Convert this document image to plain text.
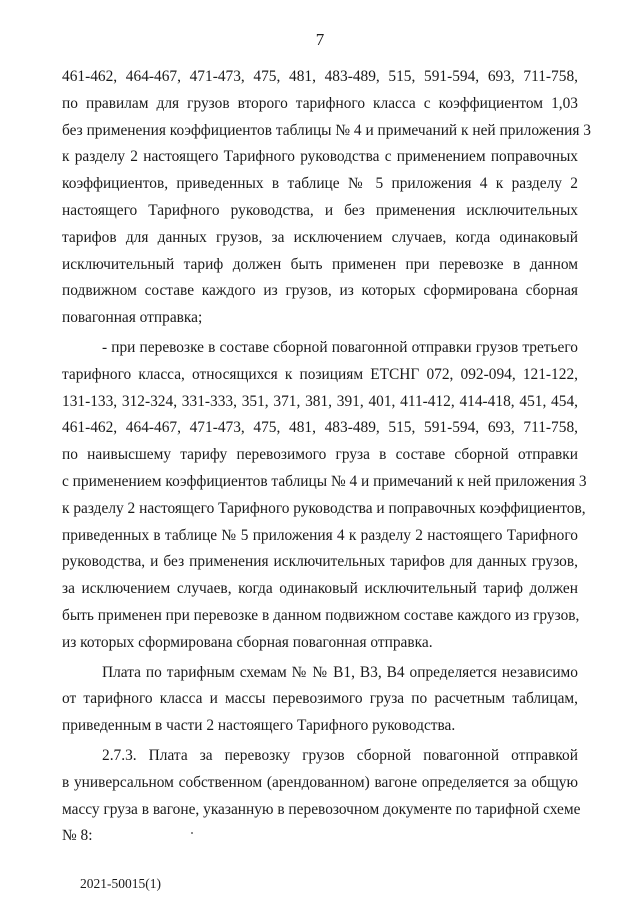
7
461-462, 464-467, 471-473, 475, 481, 483-489, 515, 591-594, 693, 711-758,
по правилам для грузов второго тарифного класса с коэффициентом 1,03
без применения коэффициентов таблицы № 4 и примечаний к ней приложения 3
к разделу 2 настоящего Тарифного руководства с применением поправочных
коэффициентов, приведенных в таблице № 5 приложения 4 к разделу 2
настоящего Тарифного руководства, и без применения исключительных
тарифов для данных грузов, за исключением случаев, когда одинаковый
исключительный тариф должен быть применен при перевозке в данном
подвижном составе каждого из грузов, из которых сформирована сборная
повагонная отправка;
- при перевозке в составе сборной повагонной отправки грузов третьего
тарифного класса, относящихся к позициям ЕТСНГ 072, 092-094, 121-122,
131-133, 312-324, 331-333, 351, 371, 381, 391, 401, 411-412, 414-418, 451, 454,
461-462, 464-467, 471-473, 475, 481, 483-489, 515, 591-594, 693, 711-758,
по наивысшему тарифу перевозимого груза в составе сборной отправки
с применением коэффициентов таблицы № 4 и примечаний к ней приложения 3
к разделу 2 настоящего Тарифного руководства и поправочных коэффициентов,
приведенных в таблице № 5 приложения 4 к разделу 2 настоящего Тарифного
руководства, и без применения исключительных тарифов для данных грузов,
за исключением случаев, когда одинаковый исключительный тариф должен
быть применен при перевозке в данном подвижном составе каждого из грузов,
из которых сформирована сборная повагонная отправка.
Плата по тарифным схемам № № В1, В3, В4 определяется независимо
от тарифного класса и массы перевозимого груза по расчетным таблицам,
приведенным в части 2 настоящего Тарифного руководства.
2.7.3. Плата за перевозку грузов сборной повагонной отправкой
в универсальном собственном (арендованном) вагоне определяется за общую
массу груза в вагоне, указанную в перевозочном документе по тарифной схеме
№ 8:
2021-50015(1)
